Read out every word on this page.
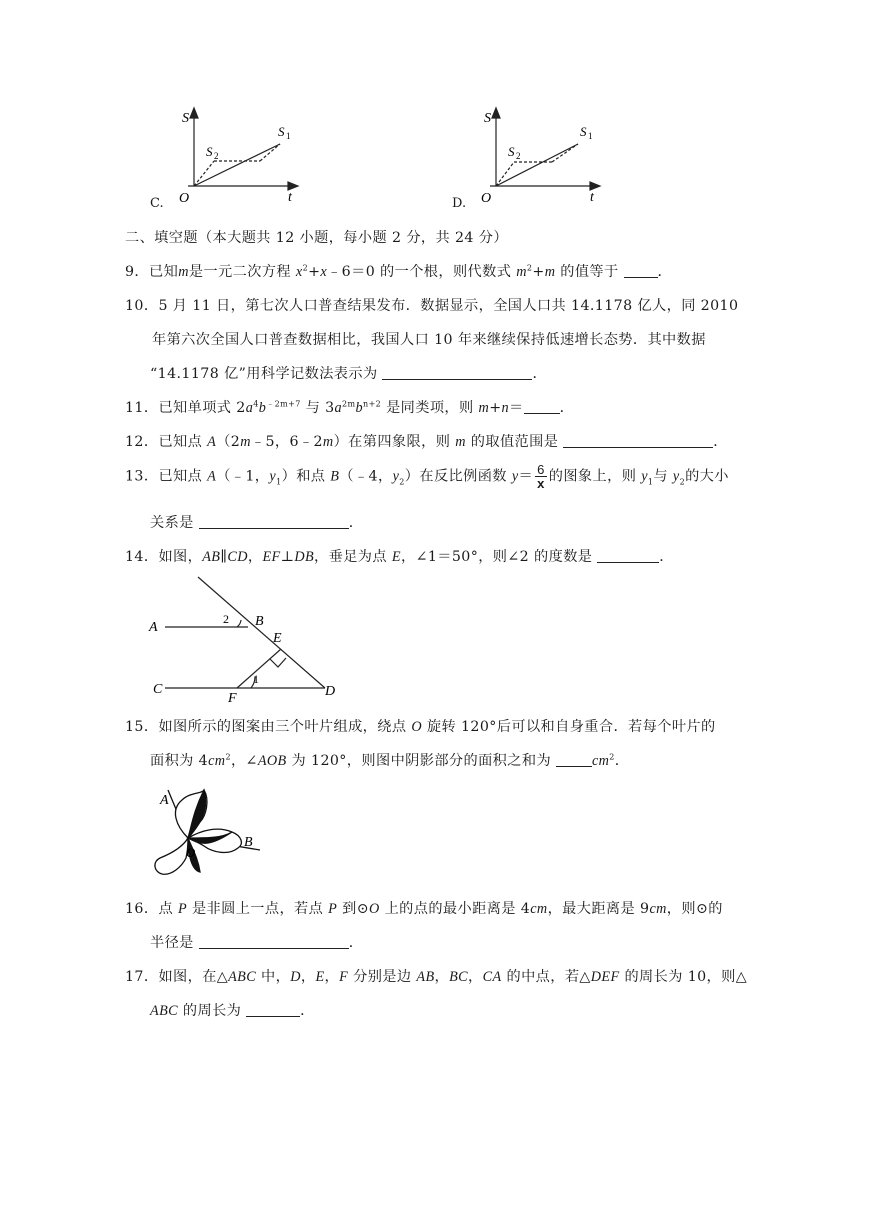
S
t
O
S 1
S 2
C.
S
t
O
S 1
S 2
D.
二、填空题（本大题共 12 小题，每小题 2 分，共 24 分）
9．已知m是一元二次方程 $x^2+x﹣6=0$ 的一个根，则代数式 $m^2+m$ 的值等于 ．
10．5 月 11 日，第七次人口普查结果发布．数据显示，全国人口共 14.1178 亿人，同 2010
年第六次全国人口普查数据相比，我国人口 10 年来继续保持低速增长态势．其中数据
“14.1178 亿”用科学记数法表示为	．
11．已知单项式 $2a^4b^{﹣2m+7}$ 与 $3a^{2m}b^{n+2}$ 是同类项，则 m+n＝	．
12．已知点 A（2m﹣5，6﹣2m）在第四象限，则 m 的取值范围是	．
13．已知点 A（﹣1，$y_1$）和点 B（﹣4，$y_2$）在反比例函数 $y= \frac{6}{x}$ 的图象上，则 $y_1$与 $y_2$的大小
关系是	．
14．如图，AB∥CD，EF⊥DB，垂足为点 E，∠1＝50°，则∠2 的度数是	．
A	B
C	D
E
F
1
2
15．如图所示的图案由三个叶片组成，绕点 O 旋转 120°后可以和自身重合．若每个叶片的
面积为 $4cm^2$，∠AOB 为 120°，则图中阴影部分的面积之和为	$cm^2$．
A
B
O
16．点 P 是非圆上一点，若点 P 到⊙O 上的点的最小距离是 4cm，最大距离是 9cm，则⊙的
半径是	．
17．如图，在△ABC 中，D，E，F 分别是边 AB，BC，CA 的中点，若△DEF 的周长为 10，则△
ABC 的周长为	．
